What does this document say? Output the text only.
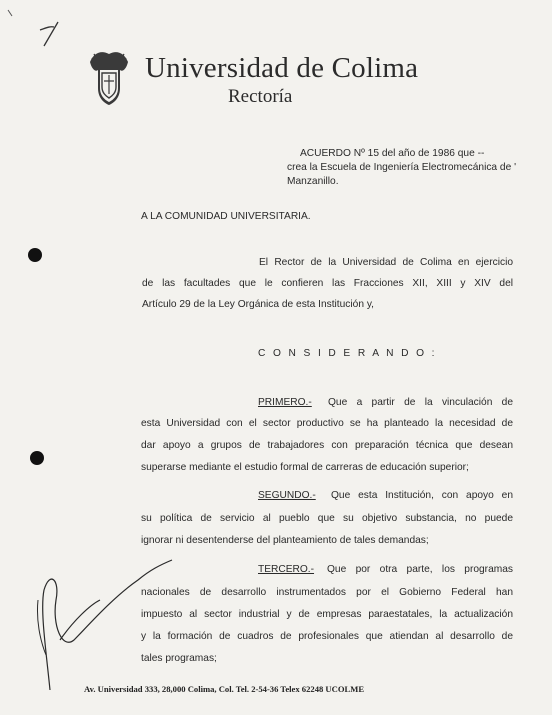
Universidad de Colima
Rectoría
ACUERDO Nº 15 del año de 1986 que --
crea la Escuela de Ingeniería Electromecánica de '
Manzanillo.
A LA COMUNIDAD UNIVERSITARIA.
El Rector de la Universidad de Colima en ejercicio
de las facultades que le confieren las Fracciones XII, XIII y XIV del
Artículo 29 de la Ley Orgánica de esta Institución y,
C O N S I D E R A N D O :
PRIMERO.- Que a partir de la vinculación de
esta Universidad con el sector productivo se ha planteado la necesidad de
dar apoyo a grupos de trabajadores con preparación técnica que desean
superarse mediante el estudio formal de carreras de educación superior;
SEGUNDO.- Que esta Institución, con apoyo en
su política de servicio al pueblo que su objetivo substancia, no puede
ignorar ni desentenderse del planteamiento de tales demandas;
TERCERO.- Que por otra parte, los programas
nacionales de desarrollo instrumentados por el Gobierno Federal han
impuesto al sector industrial y de empresas paraestatales, la actualización
y la formación de cuadros de profesionales que atiendan al desarrollo de
tales programas;
Av. Universidad 333, 28,000 Colima, Col. Tel. 2-54-36 Telex 62248 UCOLME
